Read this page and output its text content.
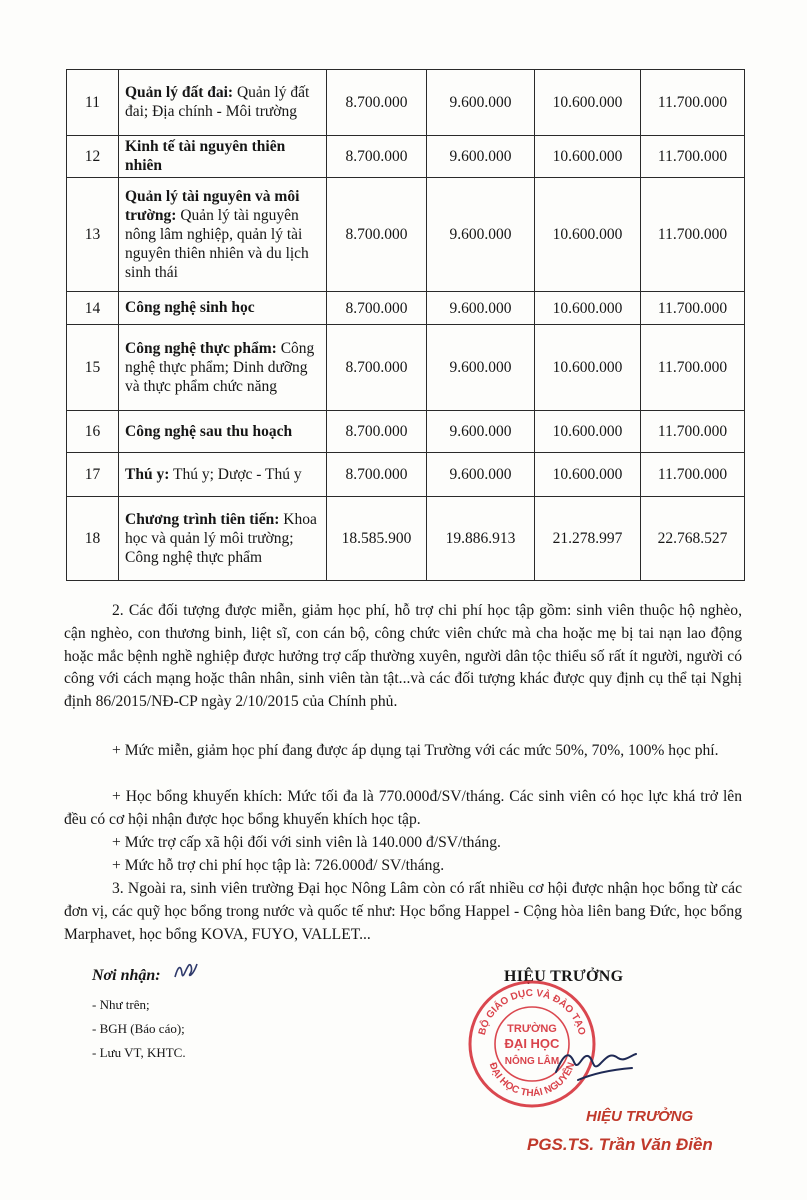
11	Quản lý đất đai: Quản lý đất đai; Địa chính - Môi trường	8.700.000	9.600.000	10.600.000	11.700.000
12	Kinh tế tài nguyên thiên nhiên	8.700.000	9.600.000	10.600.000	11.700.000
13	Quản lý tài nguyên và môi trường: Quản lý tài nguyên nông lâm nghiệp, quản lý tài nguyên thiên nhiên và du lịch sinh thái	8.700.000	9.600.000	10.600.000	11.700.000
14	Công nghệ sinh học	8.700.000	9.600.000	10.600.000	11.700.000
15	Công nghệ thực phẩm: Công nghệ thực phẩm; Dinh dưỡng và thực phẩm chức năng	8.700.000	9.600.000	10.600.000	11.700.000
16	Công nghệ sau thu hoạch	8.700.000	9.600.000	10.600.000	11.700.000
17	Thú y: Thú y; Dược - Thú y	8.700.000	9.600.000	10.600.000	11.700.000
18	Chương trình tiên tiến: Khoa học và quản lý môi trường; Công nghệ thực phẩm	18.585.900	19.886.913	21.278.997	22.768.527

2. Các đối tượng được miễn, giảm học phí, hỗ trợ chi phí học tập gồm: sinh viên thuộc hộ nghèo, cận nghèo, con thương binh, liệt sĩ, con cán bộ, công chức viên chức mà cha hoặc mẹ bị tai nạn lao động hoặc mắc bệnh nghề nghiệp được hưởng trợ cấp thường xuyên, người dân tộc thiểu số rất ít người, người có công với cách mạng hoặc thân nhân, sinh viên tàn tật...và các đối tượng khác được quy định cụ thể tại Nghị định 86/2015/NĐ-CP ngày 2/10/2015 của Chính phủ.

+ Mức miễn, giảm học phí đang được áp dụng tại Trường với các mức 50%, 70%, 100% học phí.

+ Học bổng khuyến khích: Mức tối đa là 770.000đ/SV/tháng. Các sinh viên có học lực khá trở lên đều có cơ hội nhận được học bổng khuyến khích học tập.

+ Mức trợ cấp xã hội đối với sinh viên là 140.000 đ/SV/tháng.

+ Mức hỗ trợ chi phí học tập là: 726.000đ/ SV/tháng.

3. Ngoài ra, sinh viên trường Đại học Nông Lâm còn có rất nhiều cơ hội được nhận học bổng từ các đơn vị, các quỹ học bổng trong nước và quốc tế như: Học bổng Happel - Cộng hòa liên bang Đức, học bổng Marphavet, học bổng KOVA, FUYO, VALLET...

Nơi nhận:
- Như trên;
- BGH (Báo cáo);
- Lưu VT, KHTC.
HIỆU TRƯỞNG
BỘ GIÁO DỤC VÀ ĐÀO TẠO
ĐẠI HỌC THÁI NGUYÊN
TRƯỜNG
ĐẠI HỌC
NÔNG LÂM
HIỆU TRƯỞNG
PGS.TS. Trần Văn Điền
